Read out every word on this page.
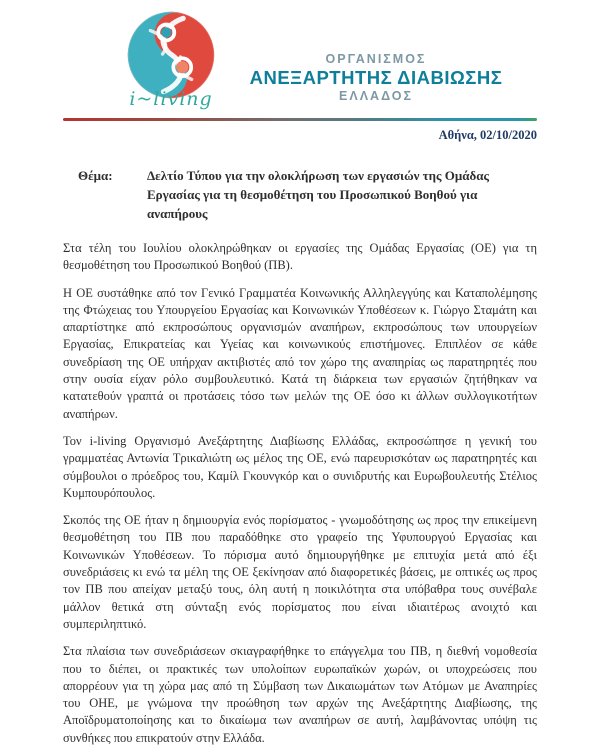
i~living
ΟΡΓΑΝΙΣΜΟΣ
ΑΝΕΞΑΡΤΗΤΗΣ ΔΙΑΒΙΩΣΗΣ
ΕΛΛΑΔΟΣ
Αθήνα, 02/10/2020
Θέμα:	Δελτίο Τύπου για την ολοκλήρωση των εργασιών της Ομάδας Εργασίας για τη θεσμοθέτηση του Προσωπικού Βοηθού για αναπήρους

Στα τέλη του Ιουλίου ολοκληρώθηκαν οι εργασίες της Ομάδας Εργασίας (ΟΕ) για τη θεσμοθέτηση του Προσωπικού Βοηθού (ΠΒ).

Η ΟΕ συστάθηκε από τον Γενικό Γραμματέα Κοινωνικής Αλληλεγγύης και Καταπολέμησης της Φτώχειας του Υπουργείου Εργασίας και Κοινωνικών Υποθέσεων κ. Γιώργο Σταμάτη και απαρτίστηκε από εκπροσώπους οργανισμών αναπήρων, εκπροσώπους των υπουργείων Εργασίας, Επικρατείας και Υγείας και κοινωνικούς επιστήμονες. Επιπλέον σε κάθε συνεδρίαση της ΟΕ υπήρχαν ακτιβιστές από τον χώρο της αναπηρίας ως παρατηρητές που στην ουσία είχαν ρόλο συμβουλευτικό. Κατά τη διάρκεια των εργασιών ζητήθηκαν να κατατεθούν γραπτά οι προτάσεις τόσο των μελών της ΟΕ όσο κι άλλων συλλογικοτήτων αναπήρων.

Τον i-living Οργανισμό Ανεξάρτητης Διαβίωσης Ελλάδας, εκπροσώπησε η γενική του γραμματέας Αντωνία Τρικαλιώτη ως μέλος της ΟΕ, ενώ παρευρισκόταν ως παρατηρητές και σύμβουλοι ο πρόεδρος του, Καμίλ Γκουνγκόρ και ο συνιδρυτής και Ευρωβουλευτής Στέλιος Κυμπουρόπουλος.

Σκοπός της ΟΕ ήταν η δημιουργία ενός πορίσματος - γνωμοδότησης ως προς την επικείμενη θεσμοθέτηση του ΠΒ που παραδόθηκε στο γραφείο της Υφυπουργού Εργασίας και Κοινωνικών Υποθέσεων. Το πόρισμα αυτό δημιουργήθηκε με επιτυχία μετά από έξι συνεδριάσεις κι ενώ τα μέλη της ΟΕ ξεκίνησαν από διαφορετικές βάσεις, με οπτικές ως προς τον ΠΒ που απείχαν μεταξύ τους, όλη αυτή η ποικιλότητα στα υπόβαθρα τους συνέβαλε μάλλον θετικά στη σύνταξη ενός πορίσματος που είναι ιδιαιτέρως ανοιχτό και συμπεριληπτικό.

Στα πλαίσια των συνεδριάσεων σκιαγραφήθηκε το επάγγελμα του ΠΒ, η διεθνή νομοθεσία που το διέπει, οι πρακτικές των υπολοίπων ευρωπαϊκών χωρών, οι υποχρεώσεις που απορρέουν για τη χώρα μας από τη Σύμβαση των Δικαιωμάτων των Ατόμων με Αναπηρίες του ΟΗΕ, με γνώμονα την προώθηση των αρχών της Ανεξάρτητης Διαβίωσης, της Αποϊδρυματοποίησης και το δικαίωμα των αναπήρων σε αυτή, λαμβάνοντας υπόψη τις συνθήκες που επικρατούν στην Ελλάδα.
